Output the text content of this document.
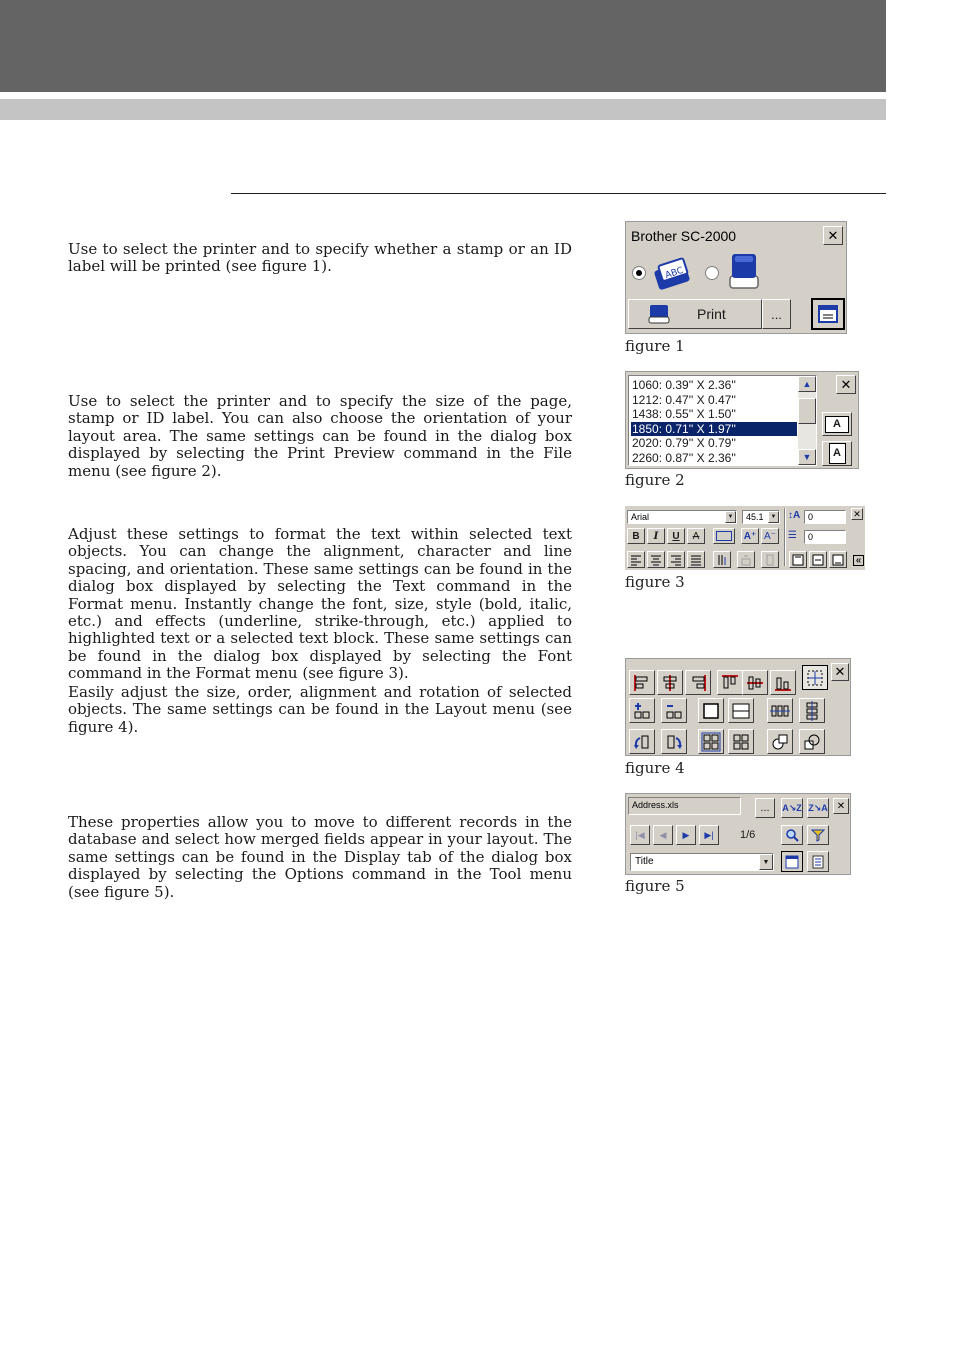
Use to select the printer and to specify whether a stamp or an ID label will be printed (see figure 1).

Use to select the printer and to specify the size of the page, stamp or ID label. You can also choose the orientation of your layout area. The same settings can be found in the dialog box displayed by selecting the Print Preview command in the File menu (see figure 2).

Adjust these settings to format the text within selected text objects. You can change the alignment, character and line spacing, and orientation. These same settings can be found in the dialog box displayed by selecting the Text command in the Format menu. Instantly change the font, size, style (bold, italic, etc.) and effects (underline, strike-through, etc.) applied to highlighted text or a selected text block. These same settings can be found in the dialog box displayed by selecting the Font command in the Format menu (see figure 3).

Easily adjust the size, order, alignment and rotation of selected objects. The same settings can be found in the Layout menu (see figure 4).

These properties allow you to move to different records in the database and select how merged fields appear in your layout. The same settings can be found in the Display tab of the dialog box displayed by selecting the Options command in the Tool menu (see figure 5).

Brother SC-2000	✕
ABC
Print	...
figure 1
1060: 0.39'' X 2.36''
1212: 0.47'' X 0.47''
1438: 0.55'' X 1.50''
1850: 0.71'' X 1.97''
2020: 0.79'' X 0.79''
2260: 0.87'' X 2.36''
▲
▼
✕
A
A
figure 2
Arial	▼ 45.1	▼ ↕A 0
☰ 0
✕
B	I	U	A	A⁺ A⁻
«
figure 3
✕
figure 4
Address.xls	...	A↘Z Z↘A ✕
|◀ ◀ ▶ ▶| 1/6
Title	▼
figure 5
